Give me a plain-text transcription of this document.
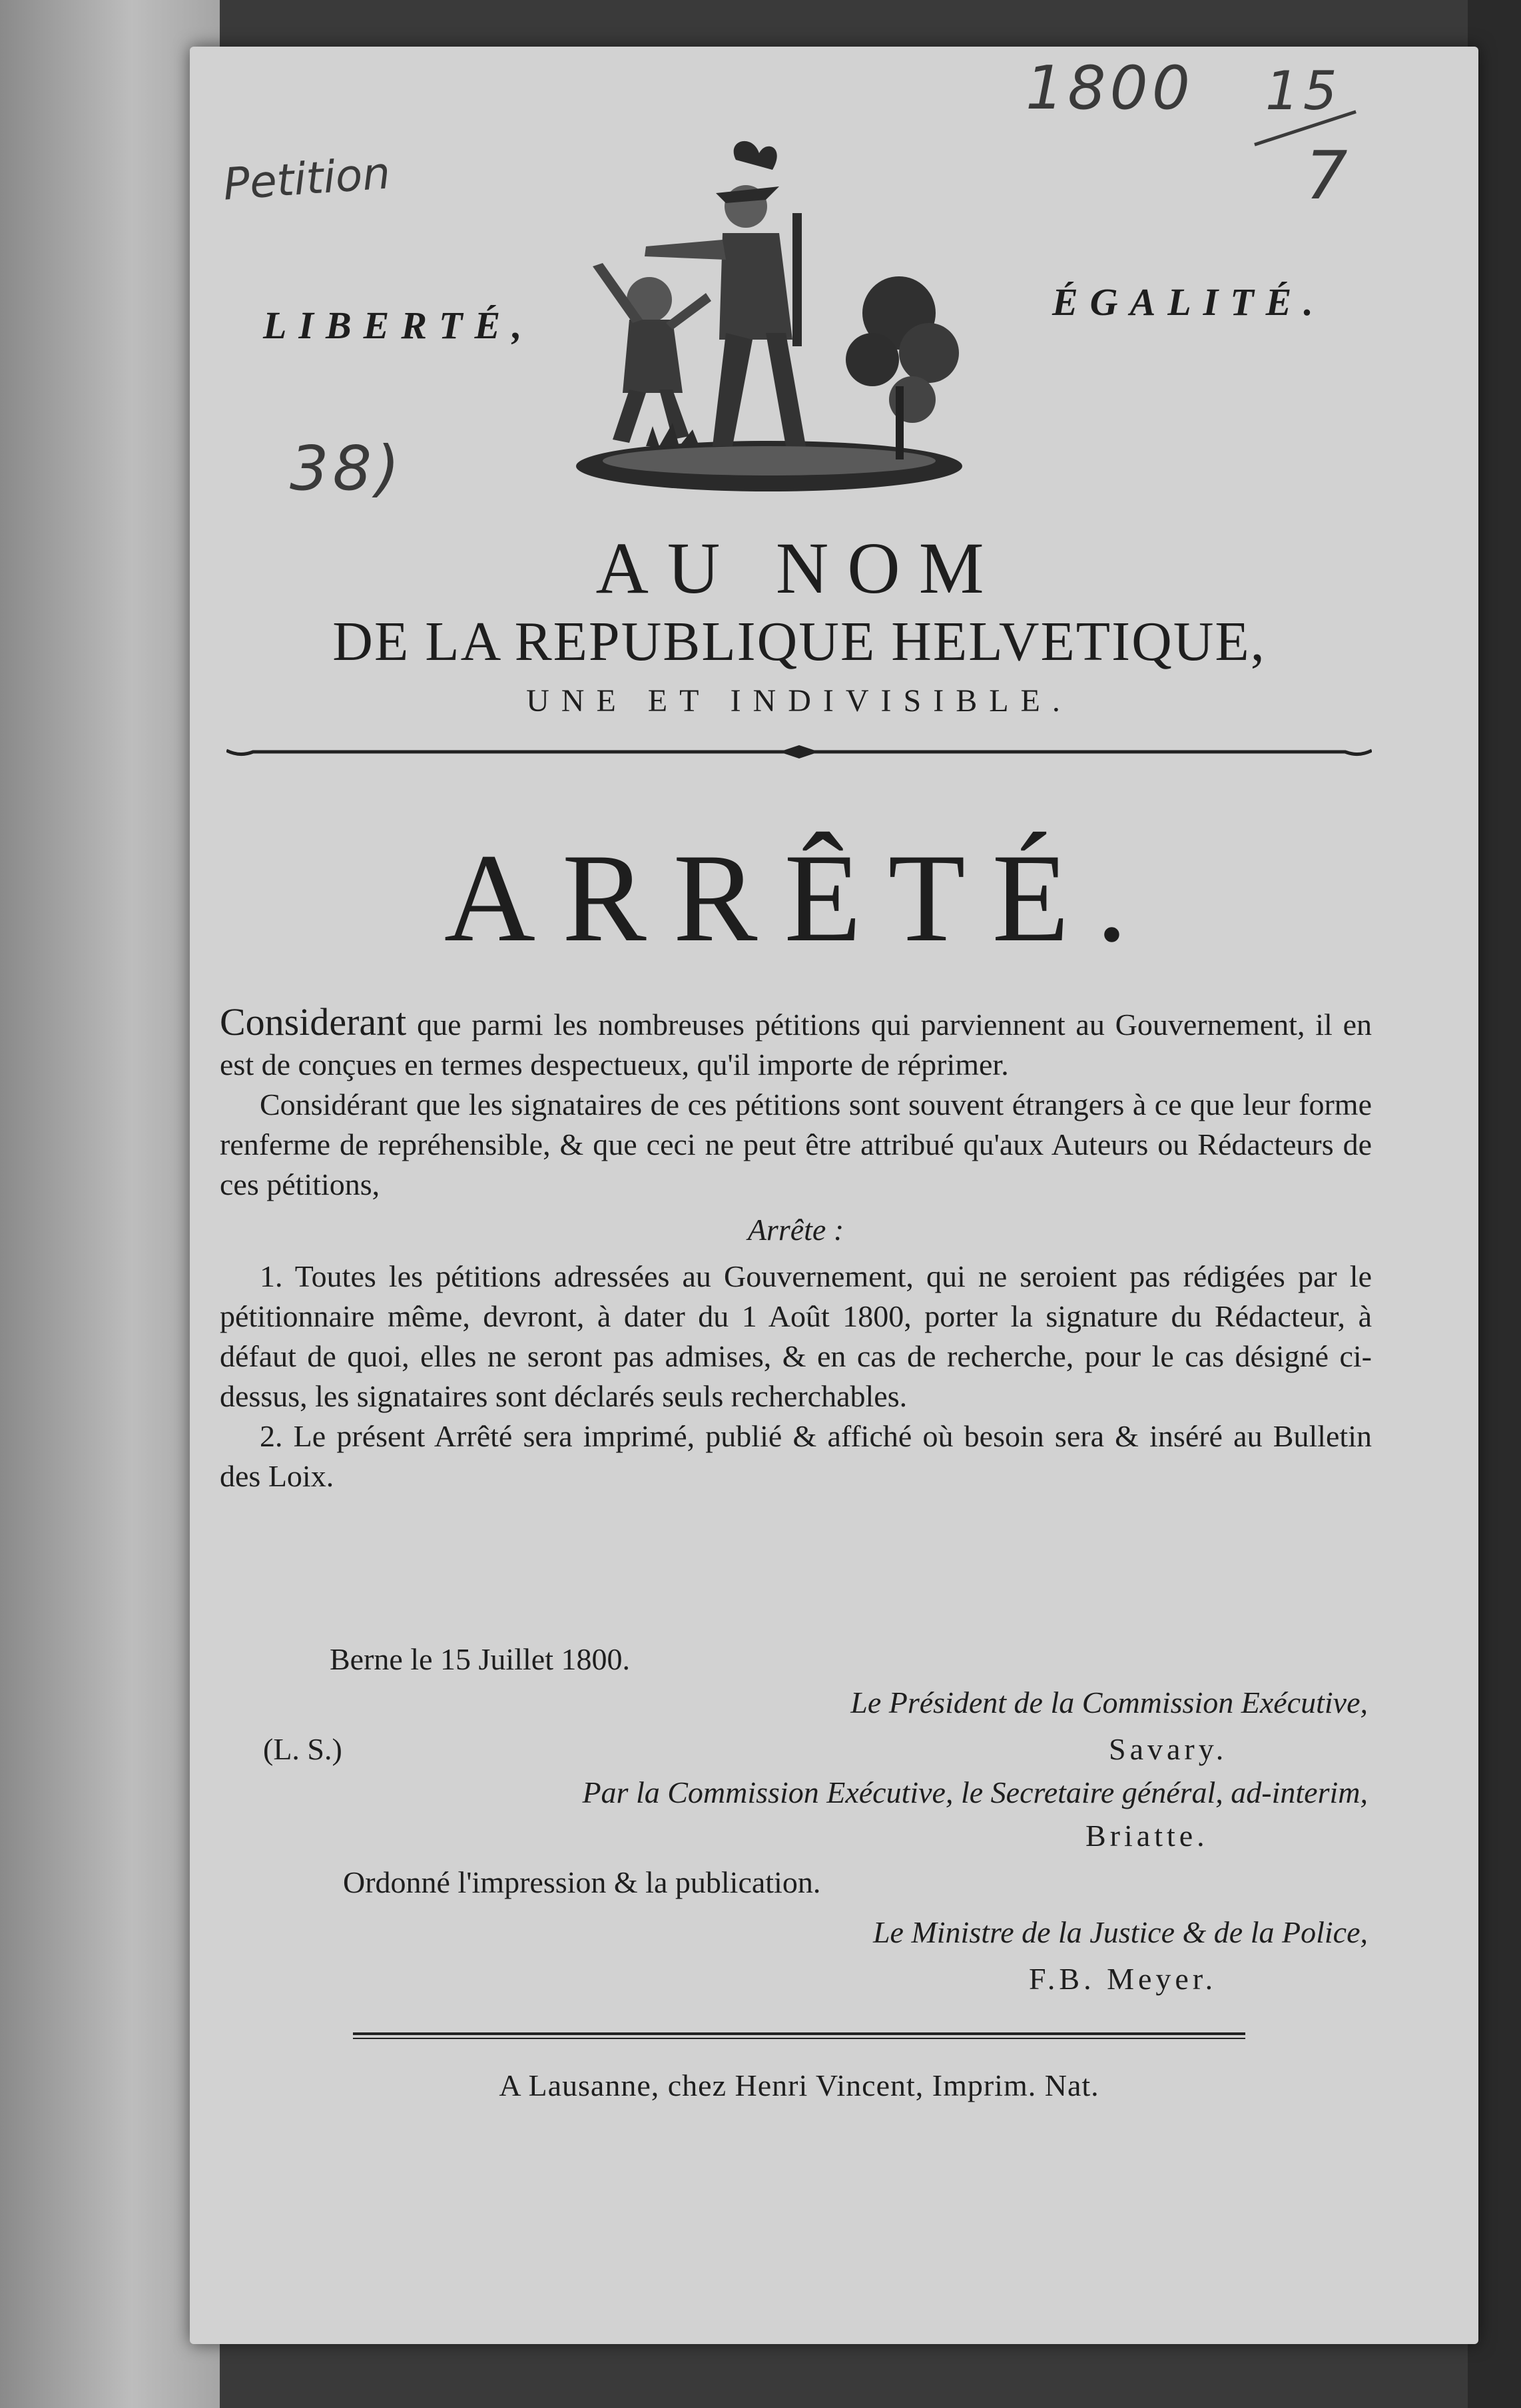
Petition
1800 15
7
38)
LIBERTÉ,
ÉGALITÉ.
AU NOM
DE LA REPUBLIQUE HELVETIQUE,
UNE ET INDIVISIBLE.
ARRÊTÉ.

Considerant que parmi les nombreuses pétitions qui parviennent au Gouvernement, il en est de conçues en termes despectueux, qu'il importe de réprimer.

Considérant que les signataires de ces pétitions sont souvent étrangers à ce que leur forme renferme de repréhensible, & que ceci ne peut être attribué qu'aux Auteurs ou Rédacteurs de ces pétitions,

Arrête :

1. Toutes les pétitions adressées au Gouvernement, qui ne seroient pas rédigées par le pétitionnaire même, devront, à dater du 1 Août 1800, porter la signature du Rédacteur, à défaut de quoi, elles ne seront pas admises, & en cas de recherche, pour le cas désigné ci-dessus, les signataires sont déclarés seuls recherchables.

2. Le présent Arrêté sera imprimé, publié & affiché où besoin sera & inséré au Bulletin des Loix.

Berne le 15 Juillet 1800.
Le Président de la Commission Exécutive,
(L. S.)	Savary.
Par la Commission Exécutive, le Secretaire général, ad-interim,
Briatte.
Ordonné l'impression & la publication.
Le Ministre de la Justice & de la Police,
F.B. Meyer.
A Lausanne, chez Henri Vincent, Imprim. Nat.
